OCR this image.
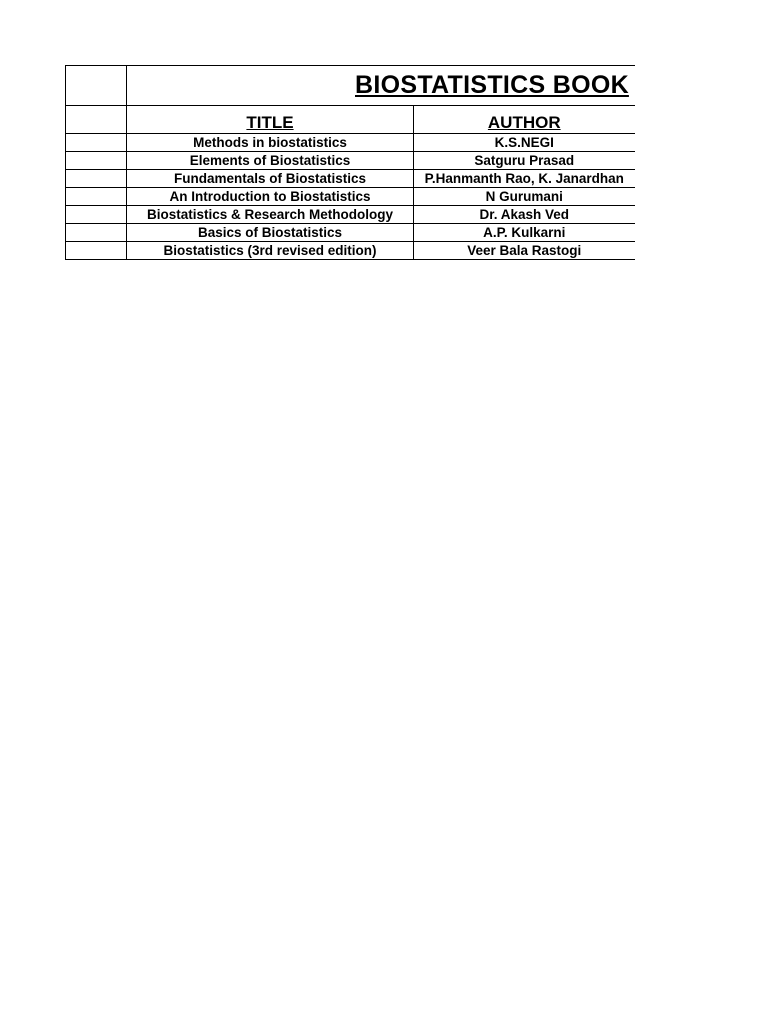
	BIOSTATISTICS BOOK	
	TITLE	AUTHOR
	Methods in biostatistics	K.S.NEGI
	Elements of Biostatistics	Satguru Prasad
	Fundamentals of Biostatistics	P.Hanmanth Rao, K. Janardhan
	An Introduction to Biostatistics	N Gurumani
	Biostatistics & Research Methodology	Dr. Akash Ved
	Basics of Biostatistics	A.P. Kulkarni
	Biostatistics (3rd revised edition)	Veer Bala Rastogi
